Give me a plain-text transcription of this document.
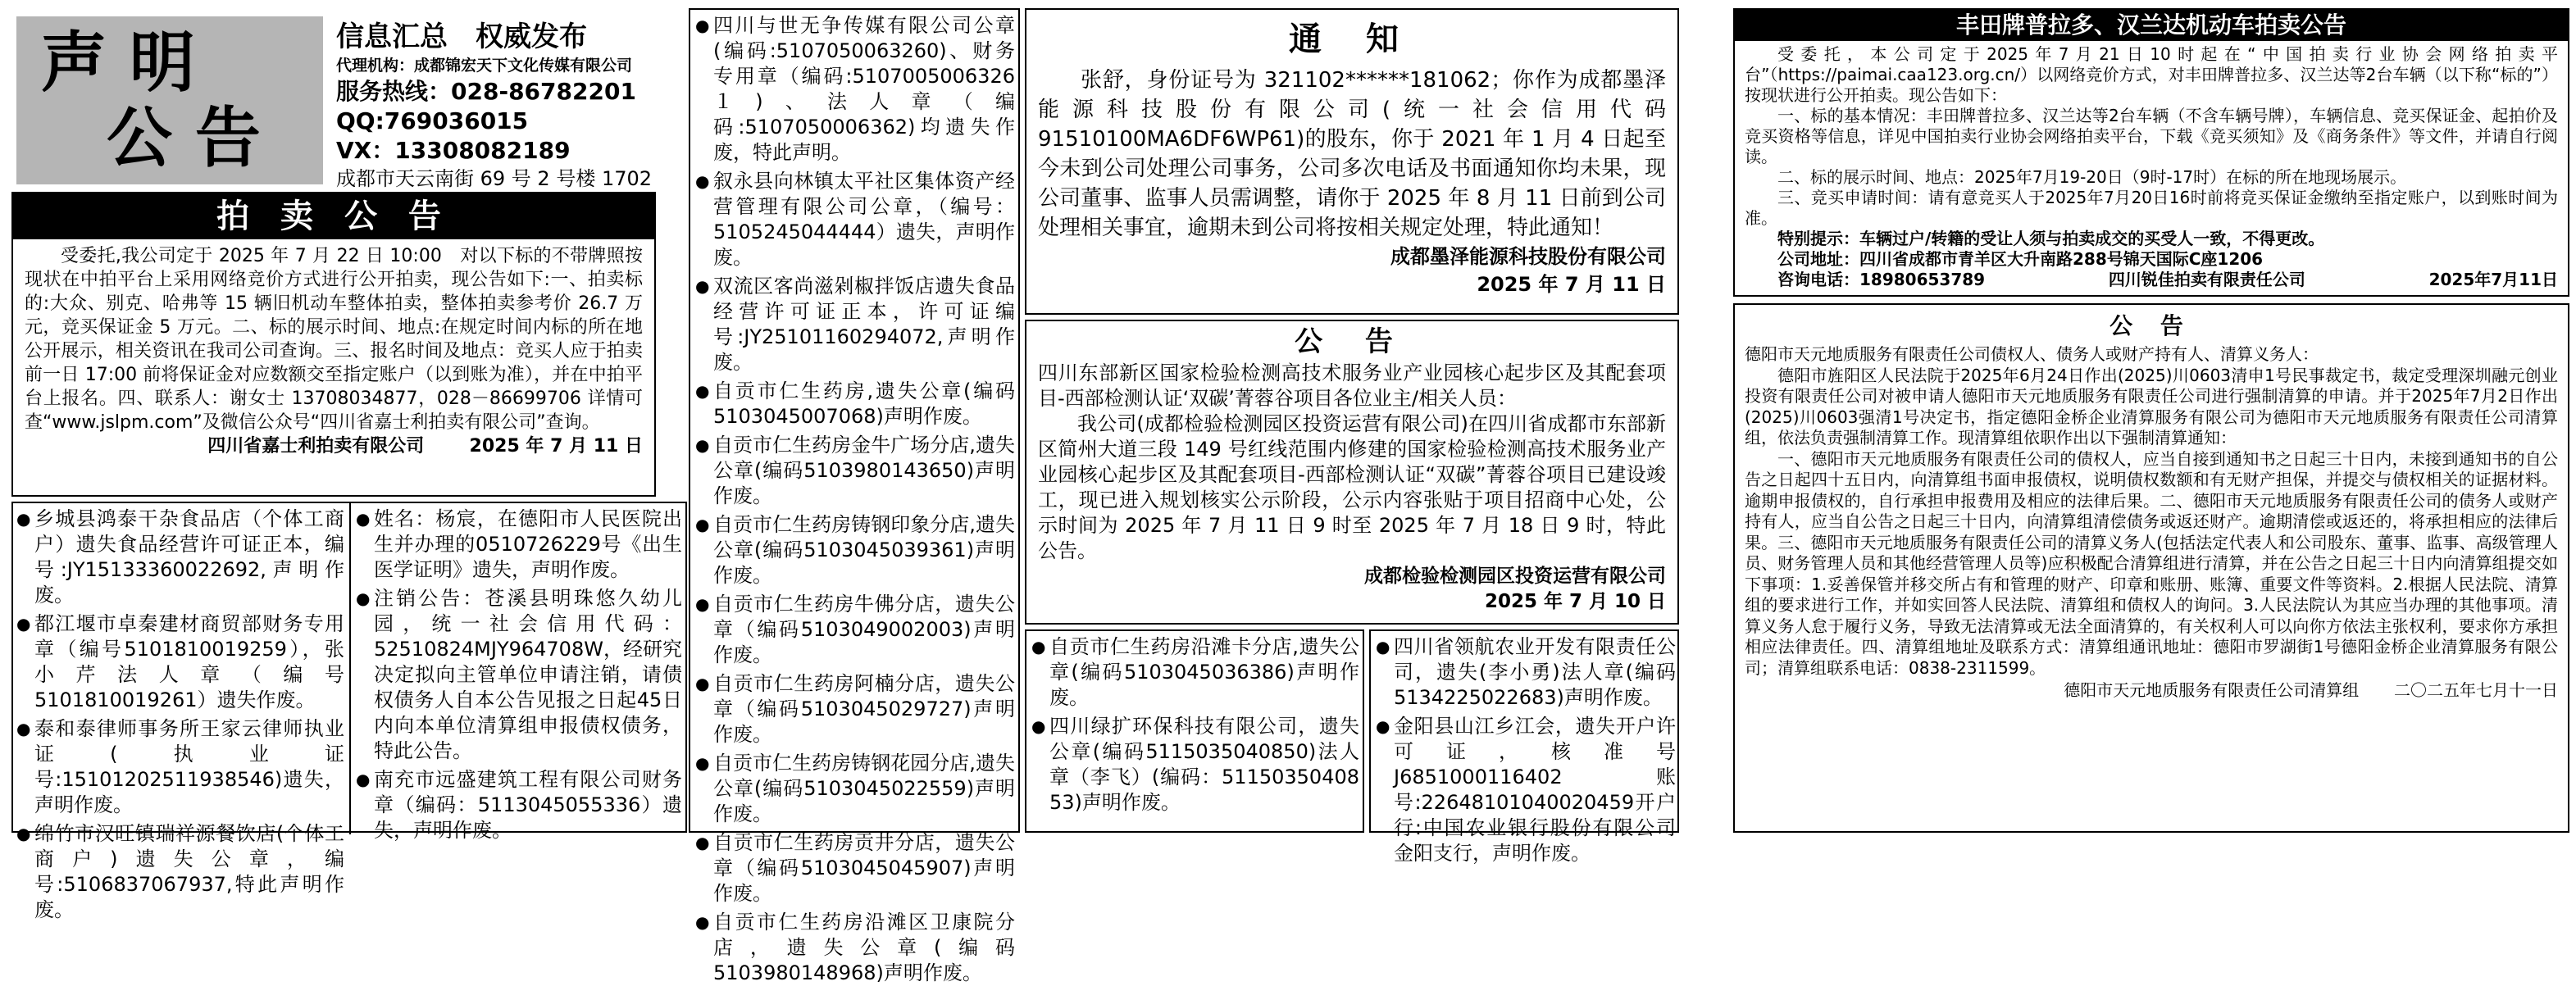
声 明
公 告
信息汇总　权威发布
代理机构：成都锦宏天下文化传媒有限公司
服务热线：028-86782201
QQ:769036015
VX：13308082189
成都市天云南街 69 号 2 号楼 1702
拍 卖 公 告

受委托,我公司定于 2025 年 7 月 22 日 10:00　对以下标的不带牌照按现状在中拍平台上采用网络竞价方式进行公开拍卖，现公告如下:一、拍卖标的:大众、别克、哈弗等 15 辆旧机动车整体拍卖，整体拍卖参考价 26.7 万元，竞买保证金 5 万元。二、标的展示时间、地点:在规定时间内标的所在地公开展示，相关资讯在我司公司查询。三、报名时间及地点：竞买人应于拍卖前一日 17:00 前将保证金对应数额交至指定账户（以到账为准），并在中拍平台上报名。四、联系人：谢女士 13708034877，028－86699706 详情可查“www.jslpm.com”及微信公众号“四川省嘉士利拍卖有限公司”查询。

四川省嘉士利拍卖有限公司	2025 年 7 月 11 日
● 乡城县鸿泰干杂食品店（个体工商户）遗失食品经营许可证正本，编号:JY15133360022692,声明作废。
● 都江堰市卓秦建材商贸部财务专用章（编号5101810019259），张小芹法人章（编号5101810019261）遗失作废。
● 泰和泰律师事务所王家云律师执业证(执业证号:15101202511938546)遗失，声明作废。
● 绵竹市汉旺镇瑞祥源餐饮店(个体工商户)遗失公章，编号:5106837067937,特此声明作废。
● 姓名：杨宸，在德阳市人民医院出生并办理的0510726229号《出生医学证明》遗失，声明作废。
● 注销公告：苍溪县明珠悠久幼儿园，统一社会信用代码：52510824MJY964708W，经研究决定拟向主管单位申请注销，请债权债务人自本公告见报之日起45日内向本单位清算组申报债权债务，特此公告。
● 南充市远盛建筑工程有限公司财务章（编码：5113045055336）遗失，声明作废。
● 四川与世无争传媒有限公司公章(编码:5107050063260)、财务专用章（编码:5107005006326１)、法人章（编码:5107050006362)均遗失作废，特此声明。
● 叙永县向林镇太平社区集体资产经营管理有限公司公章，（编号：5105245044444）遗失，声明作废。
● 双流区客尚滋剁椒拌饭店遗失食品经营许可证正本，许可证编号:JY25101160294072,声明作废。
● 自贡市仁生药房,遗失公章(编码5103045007068)声明作废。
● 自贡市仁生药房金牛广场分店,遗失公章(编码5103980143650)声明作废。
● 自贡市仁生药房铸钢印象分店,遗失公章(编码5103045039361)声明作废。
● 自贡市仁生药房牛佛分店，遗失公章（编码5103049002003)声明作废。
● 自贡市仁生药房阿楠分店，遗失公章（编码5103045029727)声明作废。
● 自贡市仁生药房铸钢花园分店,遗失公章(编码5103045022559)声明作废。
● 自贡市仁生药房贡井分店，遗失公章（编码5103045045907)声明作废。
● 自贡市仁生药房沿滩区卫康院分店，遗失公章(编码5103980148968)声明作废。
通 知

张舒，身份证号为 321102******181062；你作为成都墨泽能源科技股份有限公司(统一社会信用代码 91510100MA6DF6WP61)的股东，你于 2021 年 1 月 4 日起至今未到公司处理公司事务，公司多次电话及书面通知你均未果，现公司董事、监事人员需调整，请你于 2025 年 8 月 11 日前到公司处理相关事宜，逾期未到公司将按相关规定处理，特此通知！

成都墨泽能源科技股份有限公司
2025 年 7 月 11 日
公 告

四川东部新区国家检验检测高技术服务业产业园核心起步区及其配套项目-西部检测认证‘双碳’菁蓉谷项目各位业主/相关人员：

我公司(成都检验检测园区投资运营有限公司)在四川省成都市东部新区简州大道三段 149 号红线范围内修建的国家检验检测高技术服务业产业园核心起步区及其配套项目-西部检测认证“双碳”菁蓉谷项目已建设竣工，现已进入规划核实公示阶段，公示内容张贴于项目招商中心处，公示时间为 2025 年 7 月 11 日 9 时至 2025 年 7 月 18 日 9 时，特此公告。

成都检验检测园区投资运营有限公司
2025 年 7 月 10 日
● 自贡市仁生药房沿滩卡分店,遗失公章(编码5103045036386)声明作废。
● 四川绿扩环保科技有限公司，遗失公章(编码5115035040850)法人章（李飞）(编码：51150350408 53)声明作废。
● 四川省领航农业开发有限责任公司，遗失(李小勇)法人章(编码5134225022683)声明作废。
● 金阳县山江乡江会，遗失开户许可证，核准号J6851000116402账号:22648101040020459开户行:中国农业银行股份有限公司金阳支行，声明作废。
丰田牌普拉多、汉兰达机动车拍卖公告

受委托，本公司定于2025年7月21日10时起在“中国拍卖行业协会网络拍卖平台”（https://paimai.caa123.org.cn/）以网络竞价方式，对丰田牌普拉多、汉兰达等2台车辆（以下称“标的”）按现状进行公开拍卖。现公告如下：

一、标的基本情况：丰田牌普拉多、汉兰达等2台车辆（不含车辆号牌），车辆信息、竞买保证金、起拍价及竞买资格等信息，详见中国拍卖行业协会网络拍卖平台，下载《竞买须知》及《商务条件》等文件，并请自行阅读。

二、标的展示时间、地点：2025年7月19-20日（9时-17时）在标的所在地现场展示。

三、竞买申请时间：请有意竞买人于2025年7月20日16时前将竞买保证金缴纳至指定账户，以到账时间为准。

特别提示：车辆过户/转籍的受让人须与拍卖成交的买受人一致，不得更改。

公司地址：四川省成都市青羊区大升南路288号锦天国际C座1206

咨询电话：18980653789	四川锐佳拍卖有限责任公司	2025年7月11日
公 告

德阳市天元地质服务有限责任公司债权人、债务人或财产持有人、清算义务人：

德阳市旌阳区人民法院于2025年6月24日作出(2025)川0603清申1号民事裁定书，裁定受理深圳融元创业投资有限责任公司对被申请人德阳市天元地质服务有限责任公司进行强制清算的申请。并于2025年7月2日作出(2025)川0603强清1号决定书，指定德阳金桥企业清算服务有限公司为德阳市天元地质服务有限责任公司清算组，依法负责强制清算工作。现清算组依职作出以下强制清算通知：

一、德阳市天元地质服务有限责任公司的债权人，应当自接到通知书之日起三十日内，未接到通知书的自公告之日起四十五日内，向清算组书面申报债权，说明债权数额和有无财产担保，并提交与债权相关的证据材料。逾期申报债权的，自行承担申报费用及相应的法律后果。二、德阳市天元地质服务有限责任公司的债务人或财产持有人，应当自公告之日起三十日内，向清算组清偿债务或返还财产。逾期清偿或返还的，将承担相应的法律后果。三、德阳市天元地质服务有限责任公司的清算义务人(包括法定代表人和公司股东、董事、监事、高级管理人员、财务管理人员和其他经营管理人员等)应积极配合清算组进行清算，并在公告之日起三十日内向清算组提交如下事项：1.妥善保管并移交所占有和管理的财产、印章和账册、账簿、重要文件等资料。2.根据人民法院、清算组的要求进行工作，并如实回答人民法院、清算组和债权人的询问。3.人民法院认为其应当办理的其他事项。清算义务人怠于履行义务，导致无法清算或无法全面清算的，有关权利人可以向你方依法主张权利，要求你方承担相应法律责任。四、清算组地址及联系方式：清算组通讯地址：德阳市罗湖街1号德阳金桥企业清算服务有限公司；清算组联系电话：0838-2311599。

德阳市天元地质服务有限责任公司清算组 二〇二五年七月十一日
